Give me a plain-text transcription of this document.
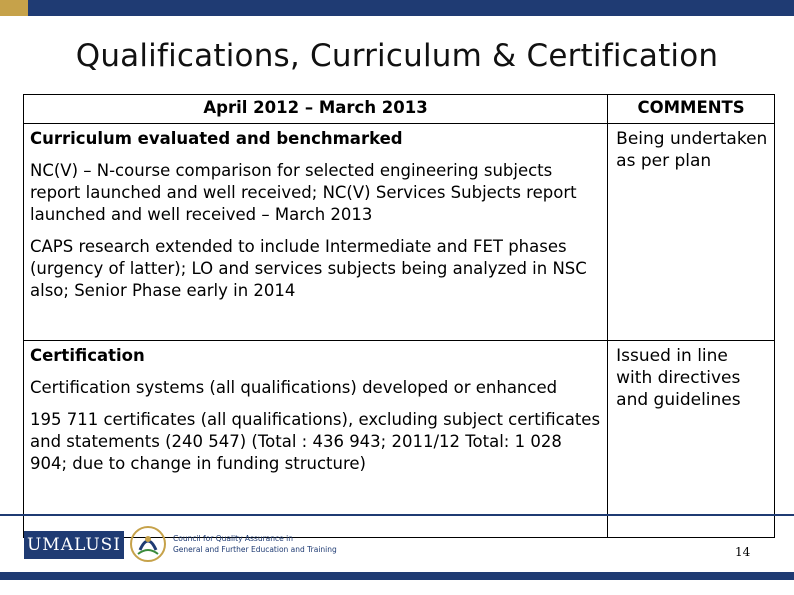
Qualifications, Curriculum & Certification
April 2012 – March 2013	COMMENTS

Curriculum evaluated and benchmarked
NC(V) – N-course comparison for selected engineering subjects report launched and well received; NC(V) Services Subjects report launched and well received – March 2013
CAPS research extended to include Intermediate and FET phases (urgency of latter); LO and services subjects being analyzed in NSC also; Senior Phase early in 2014	Being undertaken as per plan

Certification
Certification systems (all qualifications) developed or enhanced
195 711 certificates (all qualifications), excluding subject certificates and statements (240 547) (Total : 436 943; 2011/12 Total: 1 028 904; due to change in funding structure)	Issued in line with directives and guidelines
UMALUSI	Council for Quality Assurance in
General and Further Education and Training	14
